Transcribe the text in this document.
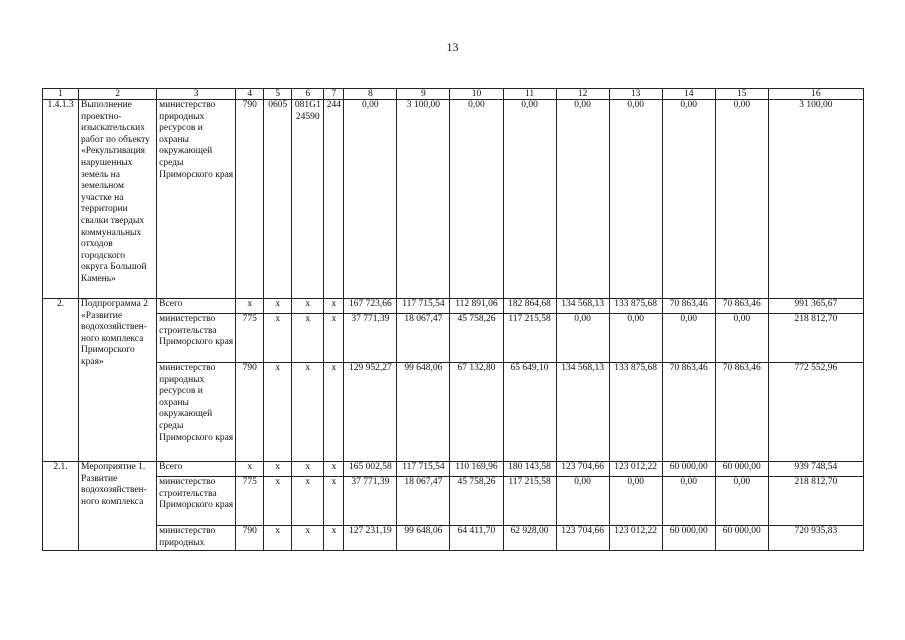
13
1	2	3	4	5	6	7	8	9	10	11	12	13	14	15	16
1.4.1.3	Выполнение проектно-изыскательских работ по объекту «Рекультивация нарушенных земель на земельном участке на территории свалки твердых коммунальных отходов городского округа Большой Камень»	министерство природных ресурсов и охраны окружающей среды Приморского края	790	0605	081G1 24590	244	0,00	3 100,00	0,00	0,00	0,00	0,00	0,00	0,00	3 100,00
2.	Подпрограмма 2 «Развитие водохозяйствен-ного комплекса Приморского края»	Всего	x	x	x	x	167 723,66	117 715,54	112 891,06	182 864,68	134 568,13	133 875,68	70 863,46	70 863,46	991 365,67
		министерство строительства Приморского края	775	x	x	x	37 771,39	18 067,47	45 758,26	117 215,58	0,00	0,00	0,00	0,00	218 812,70
		министерство природных ресурсов и охраны окружающей среды Приморского края	790	x	x	x	129 952,27	99 648,06	67 132,80	65 649,10	134 568,13	133 875,68	70 863,46	70 863,46	772 552,96
2.1.	Мероприятие 1. Развитие водохозяйствен-ного комплекса	Всего	x	x	x	x	165 002,58	117 715,54	110 169,96	180 143,58	123 704,66	123 012,22	60 000,00	60 000,00	939 748,54
		министерство строительства Приморского края	775	x	x	x	37 771,39	18 067,47	45 758,26	117 215,58	0,00	0,00	0,00	0,00	218 812,70
		министерство природных	790	x	x	x	127 231,19	99 648,06	64 411,70	62 928,00	123 704,66	123 012,22	60 000,00	60 000,00	720 935,83
